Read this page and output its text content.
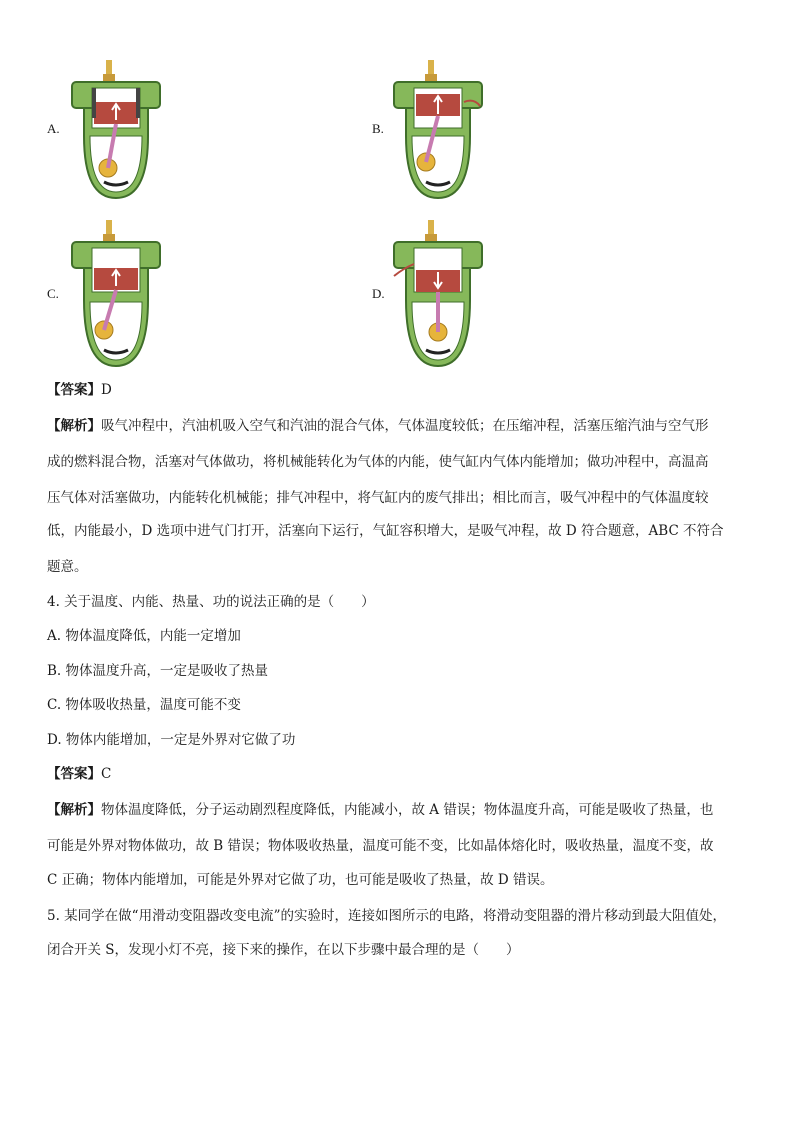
A.	B.
C.	D.
【答案】D
【解析】吸气冲程中，汽油机吸入空气和汽油的混合气体，气体温度较低；在压缩冲程，活塞压缩汽油与空气形
成的燃料混合物，活塞对气体做功，将机械能转化为气体的内能，使气缸内气体内能增加；做功冲程中，高温高
压气体对活塞做功，内能转化机械能；排气冲程中，将气缸内的废气排出；相比而言，吸气冲程中的气体温度较
低，内能最小，D 选项中进气门打开，活塞向下运行，气缸容积增大，是吸气冲程，故 D 符合题意，ABC 不符合
题意。
4. 关于温度、内能、热量、功的说法正确的是（　　）
A. 物体温度降低，内能一定增加
B. 物体温度升高，一定是吸收了热量
C. 物体吸收热量，温度可能不变
D. 物体内能增加，一定是外界对它做了功
【答案】C
【解析】物体温度降低，分子运动剧烈程度降低，内能减小，故 A 错误；物体温度升高，可能是吸收了热量，也
可能是外界对物体做功，故 B 错误；物体吸收热量，温度可能不变，比如晶体熔化时，吸收热量，温度不变，故
C 正确；物体内能增加，可能是外界对它做了功，也可能是吸收了热量，故 D 错误。
5. 某同学在做“用滑动变阻器改变电流”的实验时，连接如图所示的电路，将滑动变阻器的滑片移动到最大阻值处，
闭合开关 S，发现小灯不亮，接下来的操作，在以下步骤中最合理的是（　　）
